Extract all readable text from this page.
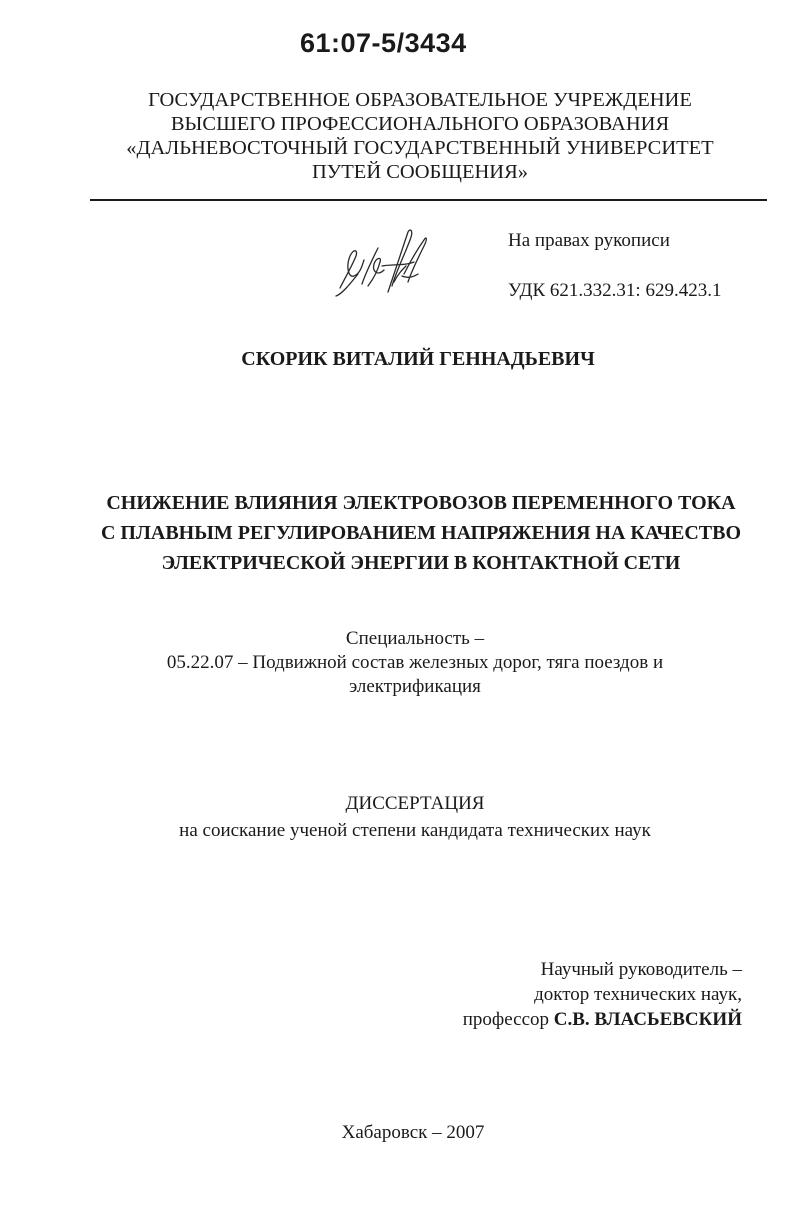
61:07-5/3434
ГОСУДАРСТВЕННОЕ ОБРАЗОВАТЕЛЬНОЕ УЧРЕЖДЕНИЕ
ВЫСШЕГО ПРОФЕССИОНАЛЬНОГО ОБРАЗОВАНИЯ
«ДАЛЬНЕВОСТОЧНЫЙ ГОСУДАРСТВЕННЫЙ УНИВЕРСИТЕТ
ПУТЕЙ СООБЩЕНИЯ»
На правах рукописи
УДК 621.332.31: 629.423.1
СКОРИК ВИТАЛИЙ ГЕННАДЬЕВИЧ
СНИЖЕНИЕ ВЛИЯНИЯ ЭЛЕКТРОВОЗОВ ПЕРЕМЕННОГО ТОКА
С ПЛАВНЫМ РЕГУЛИРОВАНИЕМ НАПРЯЖЕНИЯ НА КАЧЕСТВО
ЭЛЕКТРИЧЕСКОЙ ЭНЕРГИИ В КОНТАКТНОЙ СЕТИ
Специальность –
05.22.07 – Подвижной состав железных дорог, тяга поездов и
электрификация
ДИССЕРТАЦИЯ
на соискание ученой степени кандидата технических наук
Научный руководитель –
доктор технических наук,
профессор С.В. ВЛАСЬЕВСКИЙ
Хабаровск – 2007
